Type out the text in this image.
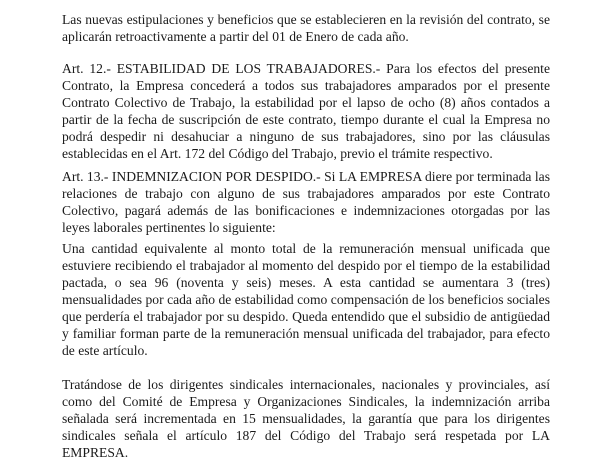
Las nuevas estipulaciones y beneficios que se establecieren en la revisión del contrato, se aplicarán retroactivamente a partir del 01 de Enero de cada año.

Art. 12.- ESTABILIDAD DE LOS TRABAJADORES.- Para los efectos del presente Contrato, la Empresa concederá a todos sus trabajadores amparados por el presente Contrato Colectivo de Trabajo, la estabilidad por el lapso de ocho (8) años contados a partir de la fecha de suscripción de este contrato, tiempo durante el cual la Empresa no podrá despedir ni desahuciar a ninguno de sus trabajadores, sino por las cláusulas establecidas en el Art. 172 del Código del Trabajo, previo el trámite respectivo.

Art. 13.- INDEMNIZACION POR DESPIDO.- Si LA EMPRESA diere por terminada las relaciones de trabajo con alguno de sus trabajadores amparados por este Contrato Colectivo, pagará además de las bonificaciones e indemnizaciones otorgadas por las leyes laborales pertinentes lo siguiente:

Una cantidad equivalente al monto total de la remuneración mensual unificada que estuviere recibiendo el trabajador al momento del despido por el tiempo de la estabilidad pactada, o sea 96 (noventa y seis) meses. A esta cantidad se aumentara 3 (tres) mensualidades por cada año de estabilidad como compensación de los beneficios sociales que perdería el trabajador por su despido. Queda entendido que el subsidio de antigüedad y familiar forman parte de la remuneración mensual unificada del trabajador, para efecto de este artículo.

Tratándose de los dirigentes sindicales internacionales, nacionales y provinciales, así como del Comité de Empresa y Organizaciones Sindicales, la indemnización arriba señalada será incrementada en 15 mensualidades, la garantía que para los dirigentes sindicales señala el artículo 187 del Código del Trabajo será respetada por LA EMPRESA.
